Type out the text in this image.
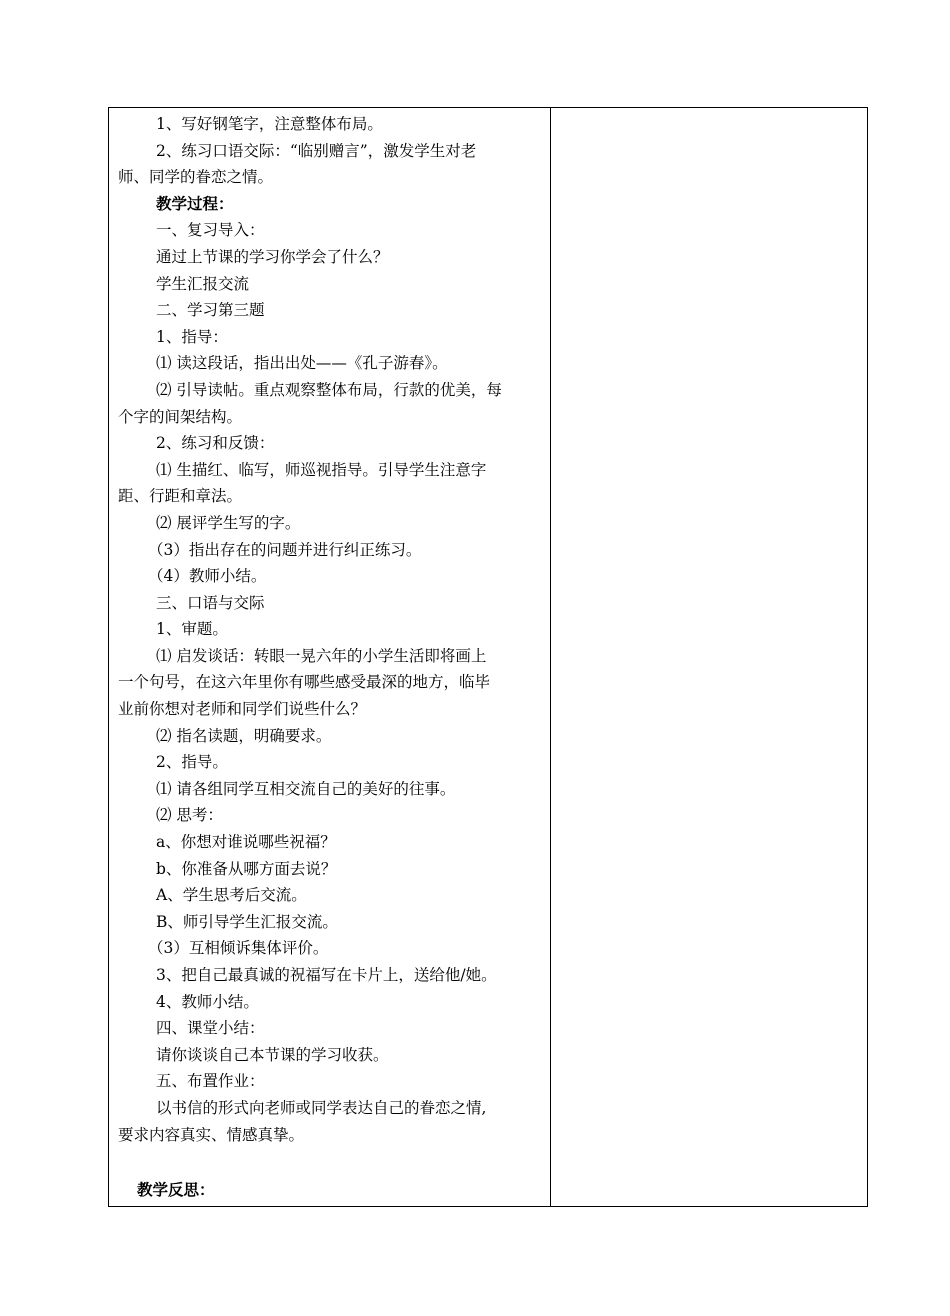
1、写好钢笔字，注意整体布局。
2、练习口语交际：“临别赠言”，激发学生对老
师、同学的眷恋之情。
教学过程：
一、复习导入：
通过上节课的学习你学会了什么？
学生汇报交流
二、学习第三题
1、指导：
⑴ 读这段话，指出出处——《孔子游春》。
⑵ 引导读帖。重点观察整体布局，行款的优美，每
个字的间架结构。
2、练习和反馈：
⑴ 生描红、临写，师巡视指导。引导学生注意字
距、行距和章法。
⑵ 展评学生写的字。
（3）指出存在的问题并进行纠正练习。
（4）教师小结。
三、口语与交际
1、审题。
⑴ 启发谈话：转眼一晃六年的小学生活即将画上
一个句号，在这六年里你有哪些感受最深的地方，临毕
业前你想对老师和同学们说些什么？
⑵ 指名读题，明确要求。
2、指导。
⑴ 请各组同学互相交流自己的美好的往事。
⑵ 思考：
a、你想对谁说哪些祝福？
b、你准备从哪方面去说？
A、学生思考后交流。
B、师引导学生汇报交流。
（3）互相倾诉集体评价。
3、把自己最真诚的祝福写在卡片上，送给他/她。
4、教师小结。
四、课堂小结：
请你谈谈自己本节课的学习收获。
五、布置作业：
以书信的形式向老师或同学表达自己的眷恋之情,
要求内容真实、情感真挚。
教学反思：
